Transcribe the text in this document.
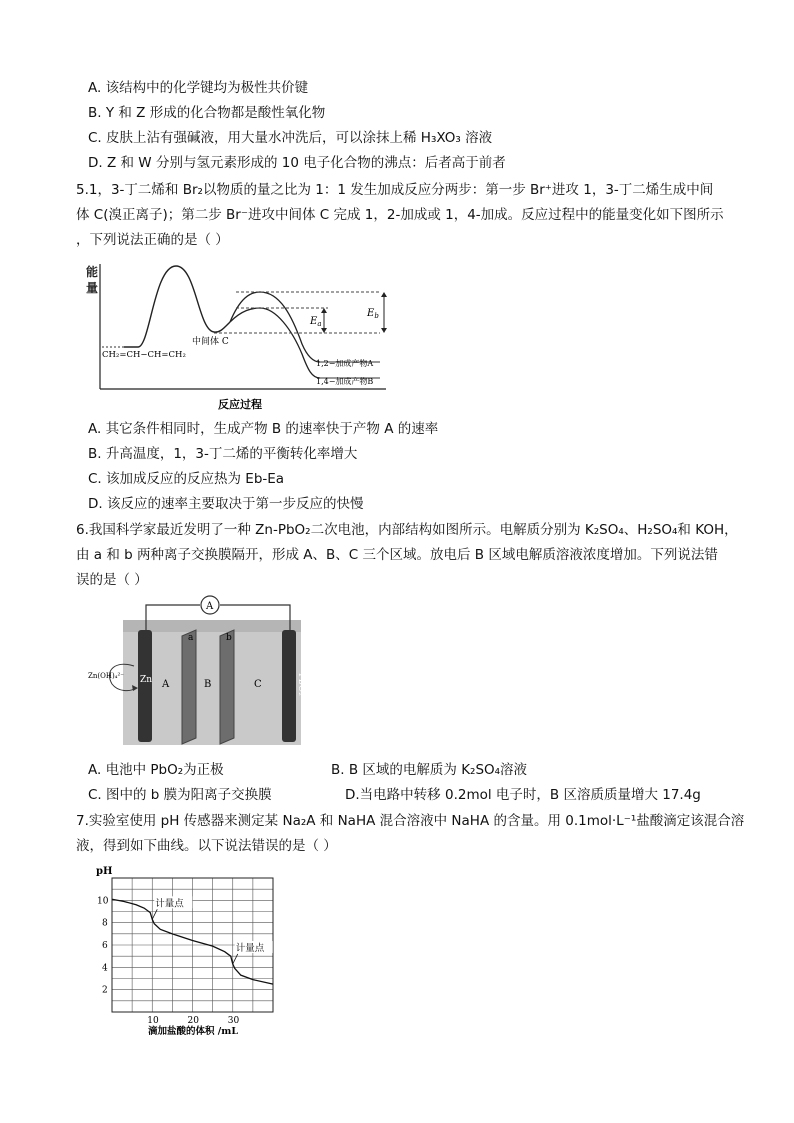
A. 该结构中的化学键均为极性共价键
B. Y 和 Z 形成的化合物都是酸性氧化物
C. 皮肤上沾有强碱液，用大量水冲洗后，可以涂抹上稀 H₃XO₃ 溶液
D. Z 和 W 分别与氢元素形成的 10 电子化合物的沸点：后者高于前者
5.1，3-丁二烯和 Br₂以物质的量之比为 1：1 发生加成反应分两步：第一步 Br⁺进攻 1，3-丁二烯生成中间
体 C(溴正离子)；第二步 Br⁻进攻中间体 C 完成 1，2-加成或 1，4-加成。反应过程中的能量变化如下图所示
，下列说法正确的是（ ）
能
量
$E_a$
$E_b$
CH₂=CH−CH=CH₂
中间体 C
1,2−加成产物A
1,4−加成产物B
反应过程
A. 其它条件相同时，生成产物 B 的速率快于产物 A 的速率
B. 升高温度，1，3-丁二烯的平衡转化率增大
C. 该加成反应的反应热为 Eb-Ea
D. 该反应的速率主要取决于第一步反应的快慢
6.我国科学家最近发明了一种 Zn-PbO₂二次电池，内部结构如图所示。电解质分别为 K₂SO₄、H₂SO₄和 KOH，
由 a 和 b 两种离子交换膜隔开，形成 A、B、C 三个区域。放电后 B 区域电解质溶液浓度增加。下列说法错
误的是（ ）
A
Zn	PbO₂
a	b
A	B	C
Zn(OH)₄²⁻
A. 电池中 PbO₂为正极	B. B 区域的电解质为 K₂SO₄溶液
C. 图中的 b 膜为阳离子交换膜	D.当电路中转移 0.2mol 电子时，B 区溶质质量增大 17.4g
7.实验室使用 pH 传感器来测定某 Na₂A 和 NaHA 混合溶液中 NaHA 的含量。用 0.1mol·L⁻¹盐酸滴定该混合溶
液，得到如下曲线。以下说法错误的是（ ）
pH
10	20	30
2
4
6
8
10	计量点
计量点
滴加盐酸的体积 /mL
